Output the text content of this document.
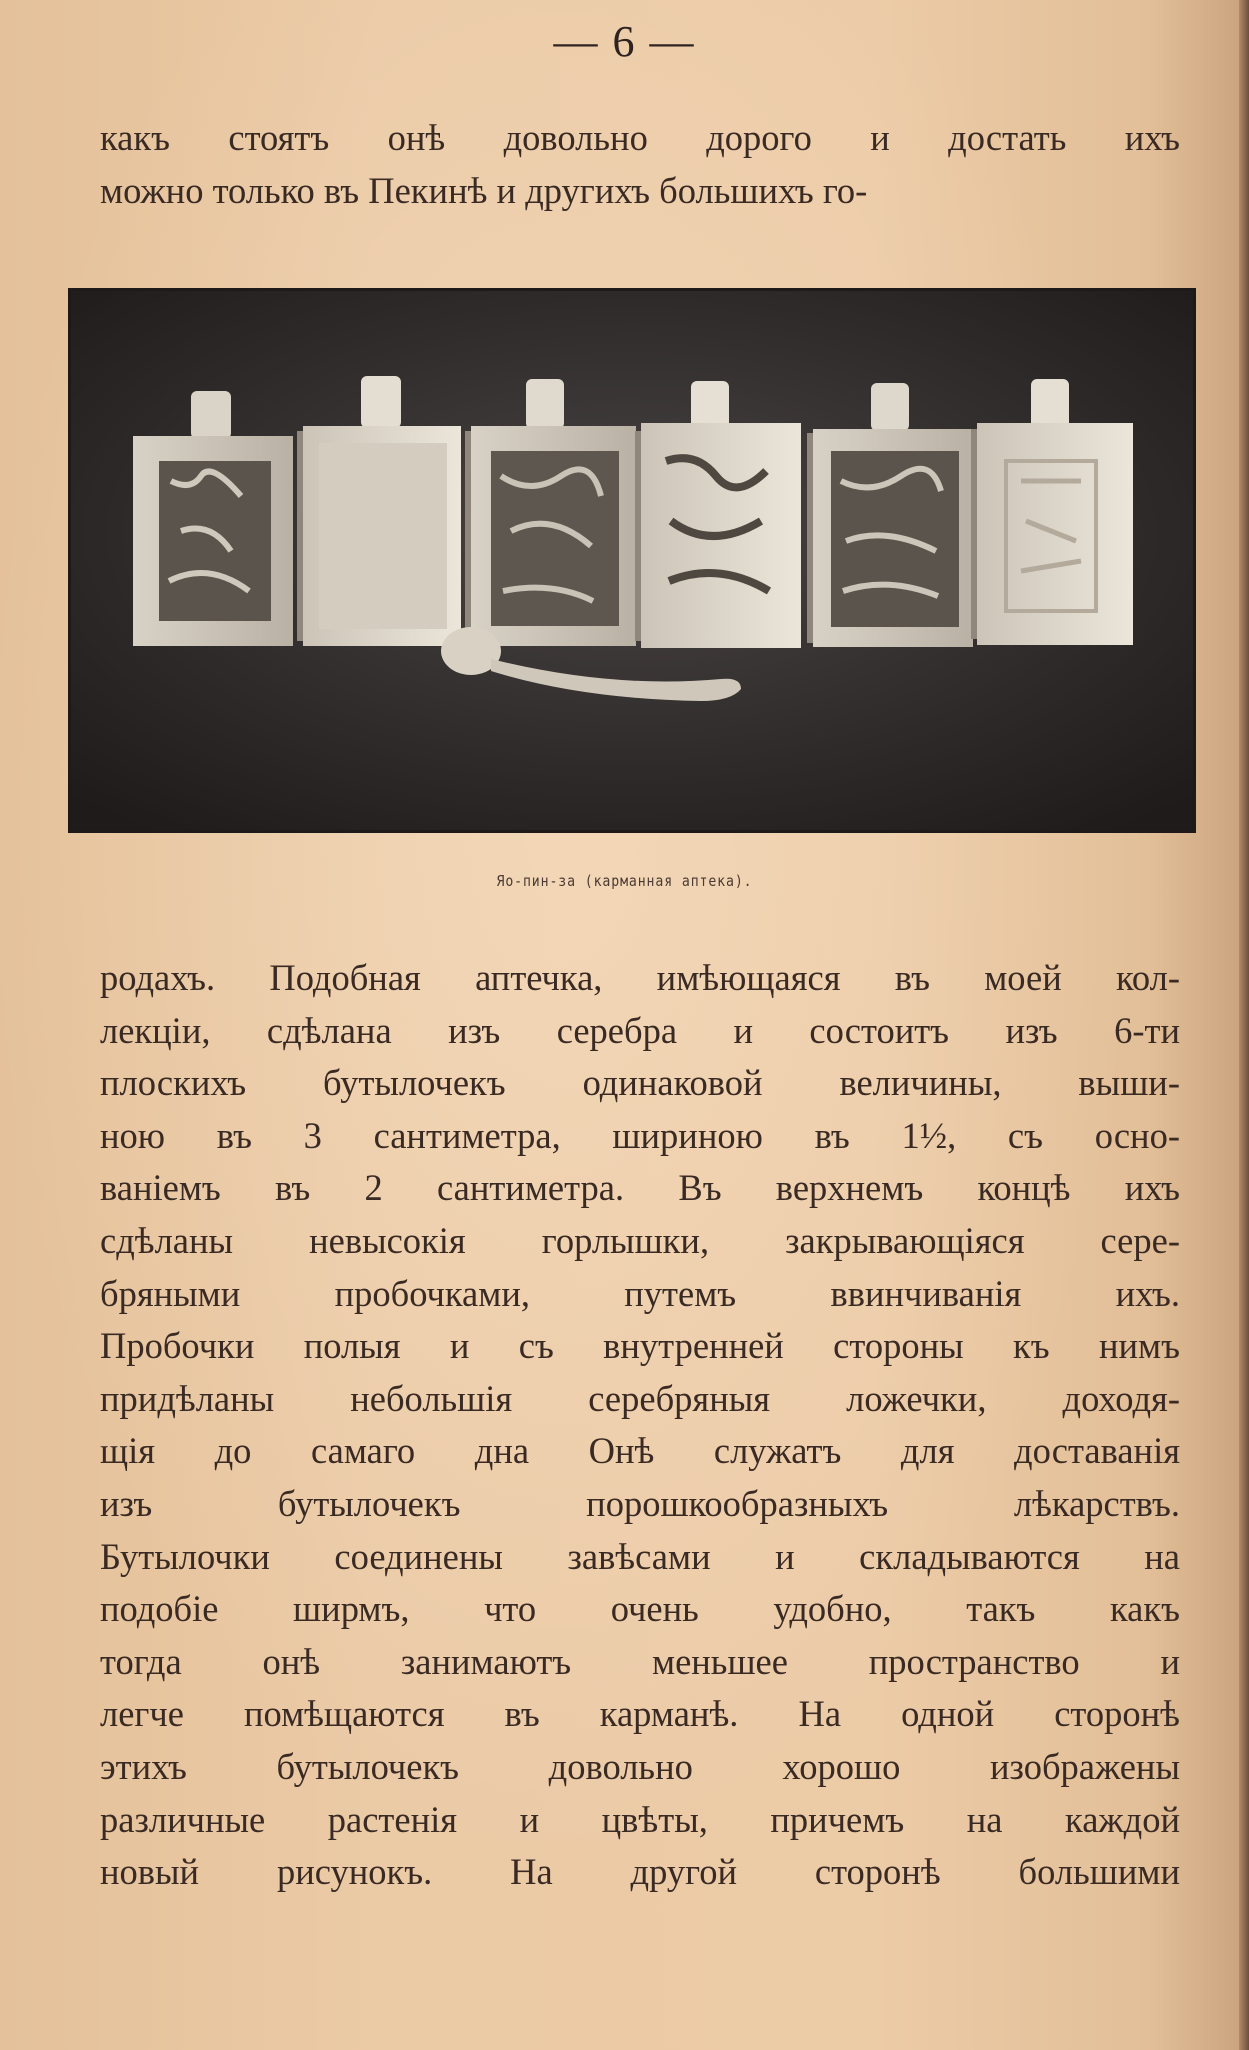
— 6 —
какъ стоятъ онѣ довольно дорого и достать ихъ
можно только въ Пекинѣ и другихъ большихъ го-
Яо-пин-за (карманная аптека).
родахъ. Подобная аптечка, имѣющаяся въ моей кол-
лекціи, сдѣлана изъ серебра и состоитъ изъ 6-ти
плоскихъ бутылочекъ одинаковой величины, выши-
ною въ 3 сантиметра, шириною въ 1½, съ осно-
ваніемъ въ 2 сантиметра. Въ верхнемъ концѣ ихъ
сдѣланы невысокія горлышки, закрывающіяся сере-
бряными пробочками, путемъ ввинчиванія ихъ.
Пробочки полыя и съ внутренней стороны къ нимъ
придѣланы небольшія серебряныя ложечки, доходя-
щія до самаго дна Онѣ служатъ для доставанія
изъ бутылочекъ порошкообразныхъ лѣкарствъ.
Бутылочки соединены завѣсами и складываются на
подобіе ширмъ, что очень удобно, такъ какъ
тогда онѣ занимаютъ меньшее пространство и
легче помѣщаются въ карманѣ. На одной сторонѣ
этихъ бутылочекъ довольно хорошо изображены
различные растенія и цвѣты, причемъ на каждой
новый рисунокъ. На другой сторонѣ большими
